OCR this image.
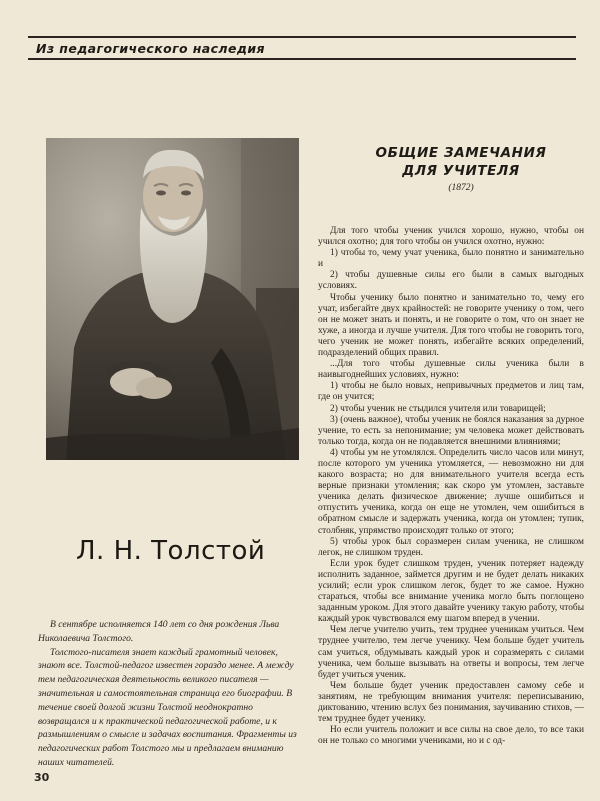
Из педагогического наследия
Л. Н. Толстой

В сентябре исполняется 140 лет со дня рождения Льва Николаевича Толстого.

Толстого-писателя знает каждый грамотный человек, знают все. Толстой-педагог известен гораздо менее. А между тем педагогическая деятельность великого писателя — значительная и самостоятельная страница его биографии. В течение своей долгой жизни Толстой неоднократно возвращался и к практической педагогической работе, и к размышлениям о смысле и задачах воспитания. Фрагменты из педагогических работ Толстого мы и предлагаем вниманию наших читателей.

30
ОБЩИЕ ЗАМЕЧАНИЯ
ДЛЯ УЧИТЕЛЯ
(1872)

Для того чтобы ученик учился хорошо, нужно, чтобы он учился охотно; для того чтобы он учился охотно, нужно:

1) чтобы то, чему учат ученика, было понятно и занимательно и

2) чтобы душевные силы его были в самых выгодных условиях.

Чтобы ученику было понятно и занимательно то, чему его учат, избегайте двух крайностей: не говорите ученику о том, чего он не может знать и понять, и не говорите о том, что он знает не хуже, а иногда и лучше учителя. Для того чтобы не говорить того, чего ученик не может понять, избегайте всяких определений, подразделений общих правил.

...Для того чтобы душевные силы ученика были в наивыгоднейших условиях, нужно:

1) чтобы не было новых, непривычных предметов и лиц там, где он учится;

2) чтобы ученик не стыдился учителя или товарищей;

3) (очень важное), чтобы ученик не боялся наказания за дурное учение, то есть за непонимание; ум человека может действовать только тогда, когда он не подавляется внешними влияниями;

4) чтобы ум не утомлялся. Определить число часов или минут, после которого ум ученика утомляется, — невозможно ни для какого возраста; но для внимательного учителя всегда есть верные признаки утомления; как скоро ум утомлен, заставьте ученика делать физическое движение; лучше ошибиться и отпустить ученика, когда он еще не утомлен, чем ошибиться в обратном смысле и задержать ученика, когда он утомлен; тупик, столбняк, упрямство происходят только от этого;

5) чтобы урок был соразмерен силам ученика, не слишком легок, не слишком труден.

Если урок будет слишком труден, ученик потеряет надежду исполнить заданное, займется другим и не будет делать никаких усилий; если урок слишком легок, будет то же самое. Нужно стараться, чтобы все внимание ученика могло быть поглощено заданным уроком. Для этого давайте ученику такую работу, чтобы каждый урок чувствовался ему шагом вперед в учении.

Чем легче учителю учить, тем труднее ученикам учиться. Чем труднее учителю, тем легче ученику. Чем больше будет учитель сам учиться, обдумывать каждый урок и соразмерять с силами ученика, чем больше вызывать на ответы и вопросы, тем легче будет учиться ученик.

Чем больше будет ученик предоставлен самому себе и занятиям, не требующим внимания учителя: переписыванию, диктованию, чтению вслух без понимания, заучиванию стихов, — тем труднее будет ученику.

Но если учитель положит и все силы на свое дело, то все таки он не только со многими учениками, но и с од-
